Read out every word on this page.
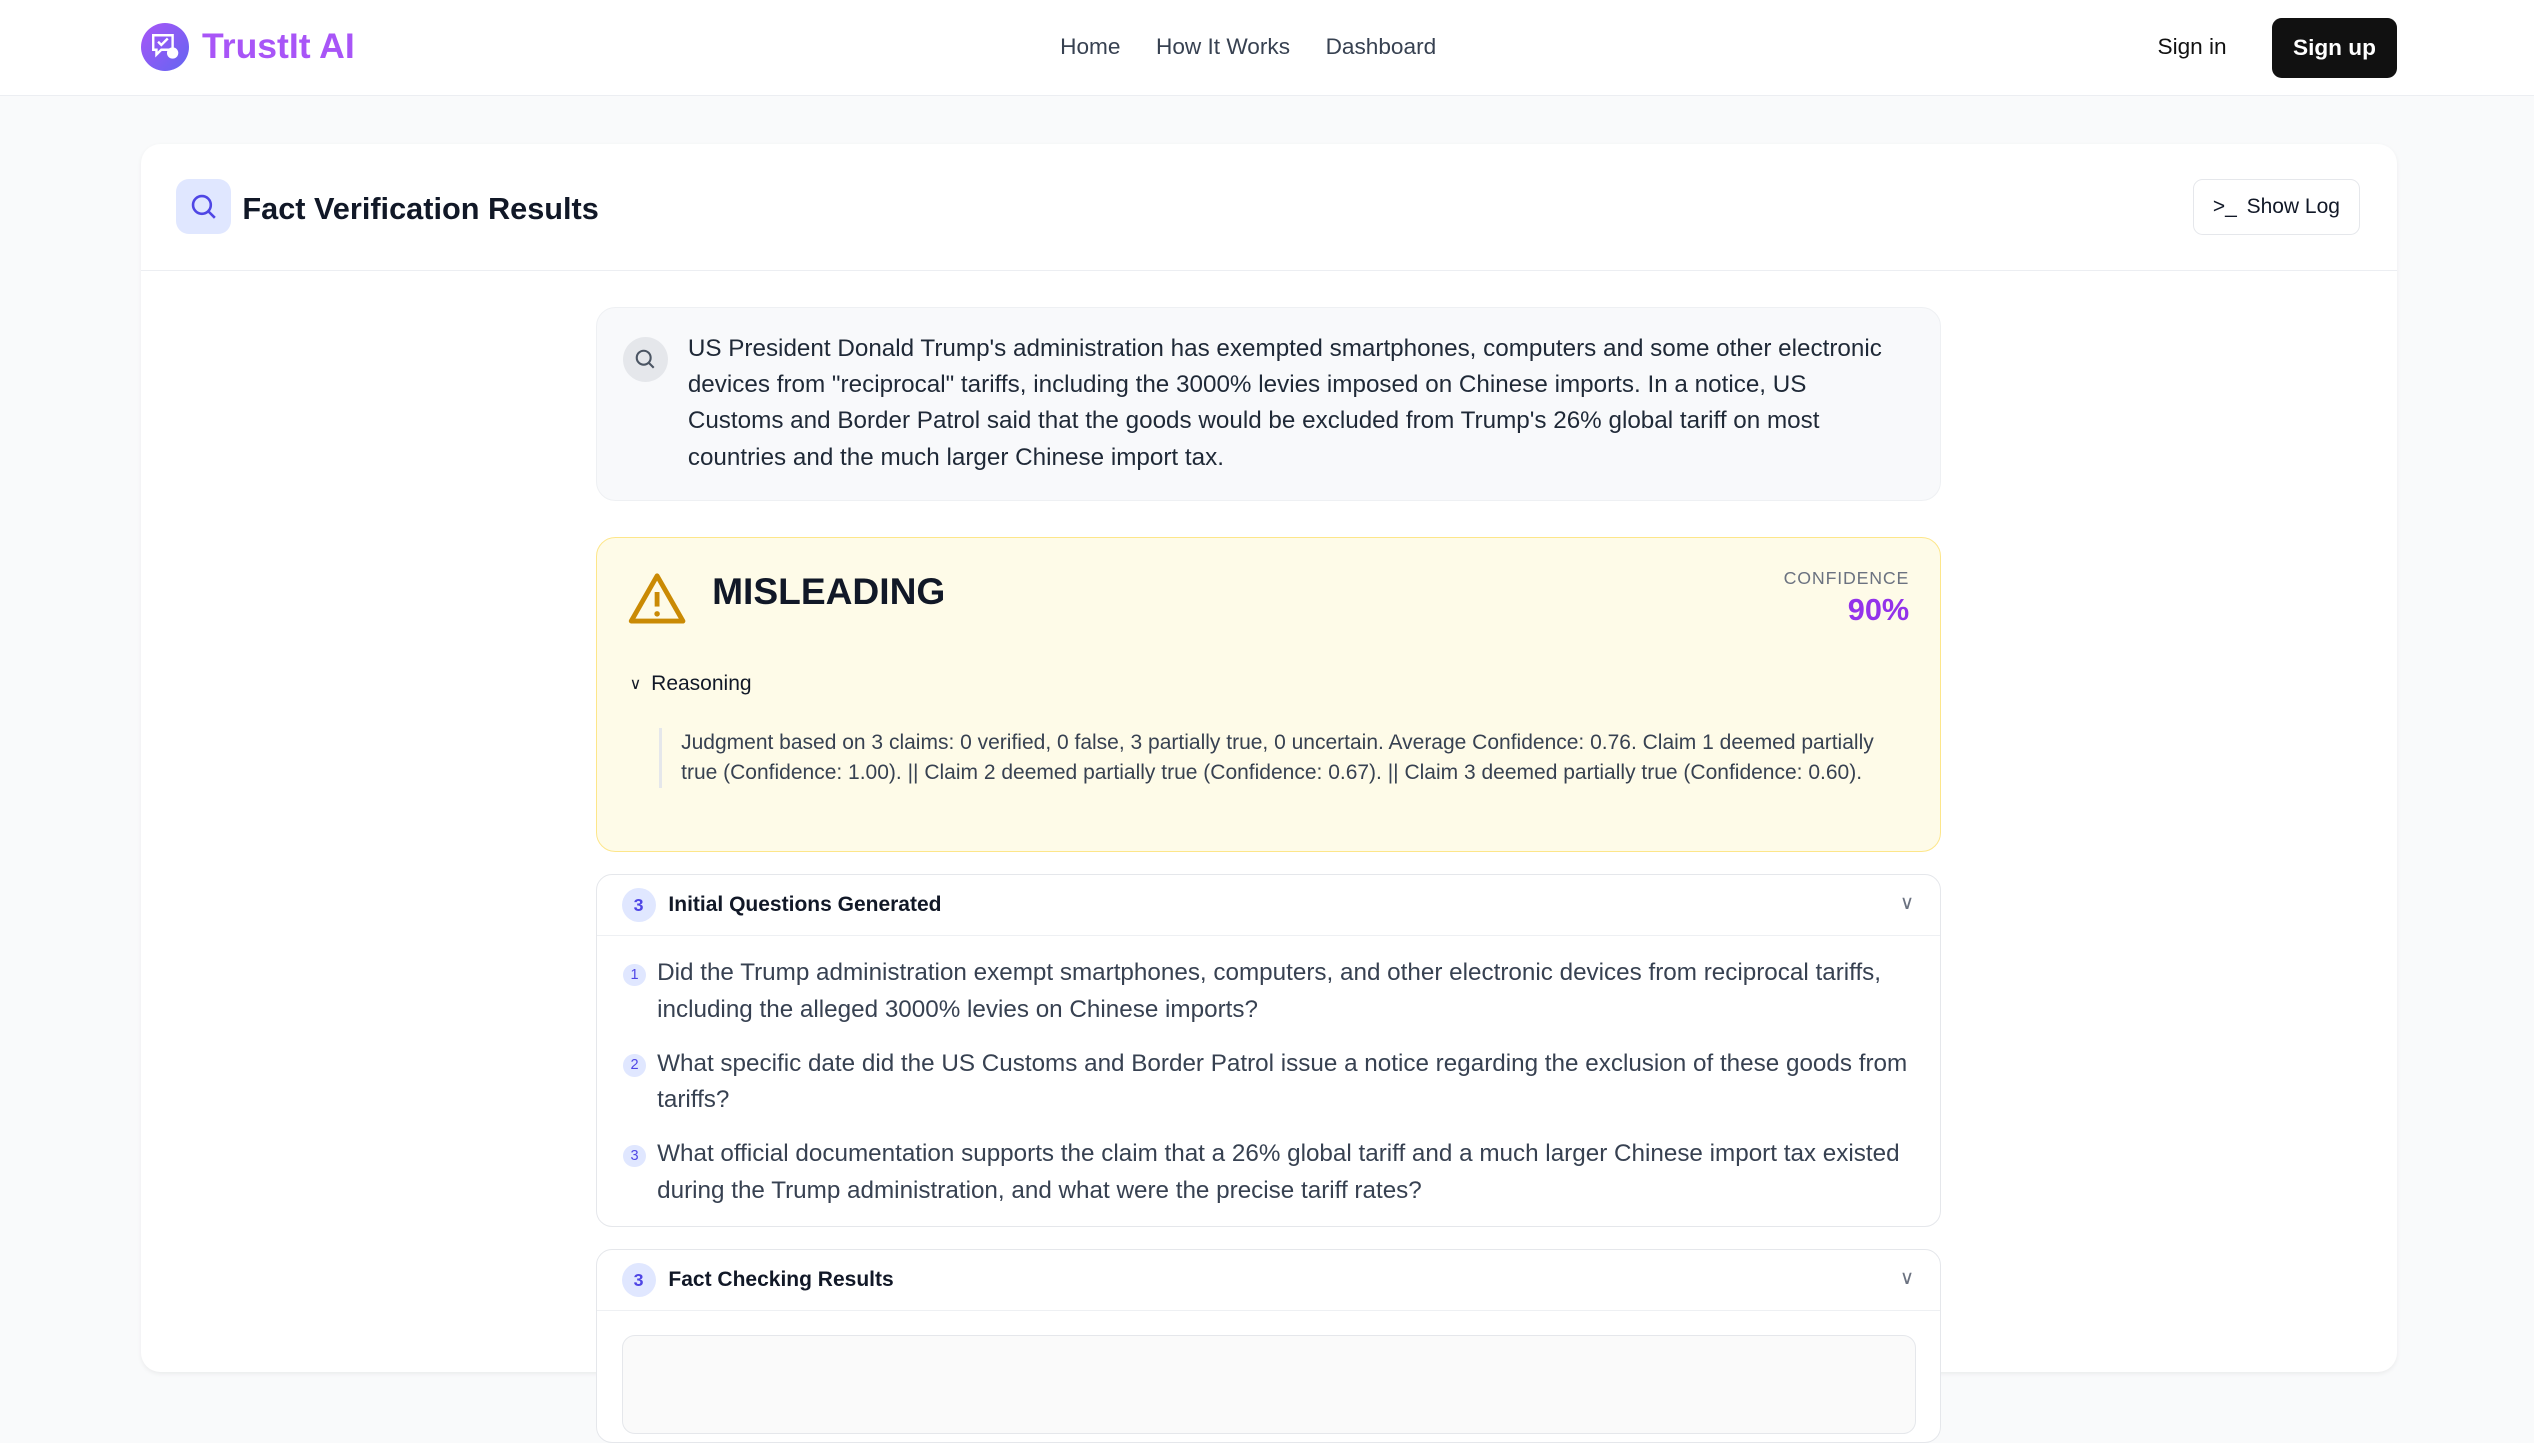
TrustIt AI	Home	How It Works	Dashboard	Sign in	Sign up
Fact Verification Results	>_ Show Log
US President Donald Trump's administration has exempted smartphones, computers and some other electronic devices from "reciprocal" tariffs, including the 3000% levies imposed on Chinese imports. In a notice, US Customs and Border Patrol said that the goods would be excluded from Trump's 26% global tariff on most countries and the much larger Chinese import tax.
MISLEADING	CONFIDENCE
90%
∨ Reasoning
Judgment based on 3 claims: 0 verified, 0 false, 3 partially true, 0 uncertain. Average Confidence: 0.76. Claim 1 deemed partially true (Confidence: 1.00). || Claim 2 deemed partially true (Confidence: 0.67). || Claim 3 deemed partially true (Confidence: 0.60).
3	Initial Questions Generated	∨
1	Did the Trump administration exempt smartphones, computers, and other electronic devices from reciprocal tariffs, including the alleged 3000% levies on Chinese imports?
2	What specific date did the US Customs and Border Patrol issue a notice regarding the exclusion of these goods from tariffs?
3	What official documentation supports the claim that a 26% global tariff and a much larger Chinese import tax existed during the Trump administration, and what were the precise tariff rates?
3	Fact Checking Results	∨
